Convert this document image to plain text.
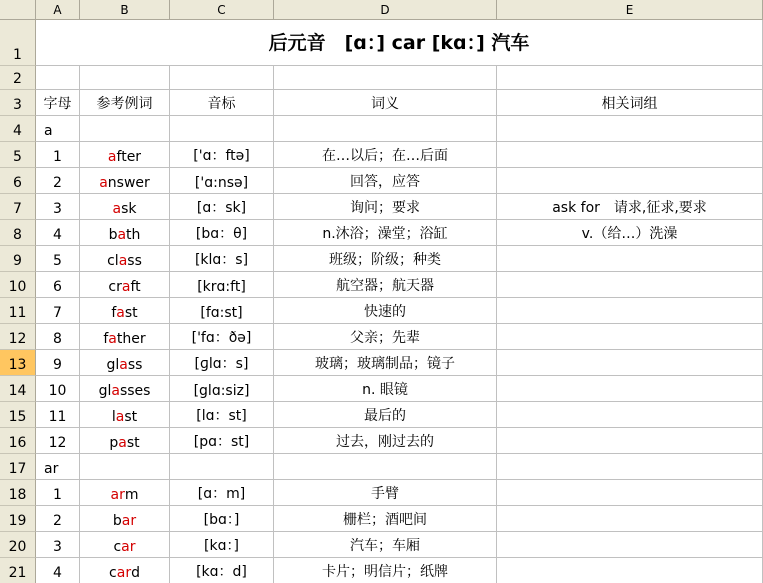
A	B	C	D	E
1
后元音　[ɑ：] car [kɑ：] 汽车
2
3 字母 参考例词	音标	词义	相关词组
4 a
5 1	a fter	['ɑ：ftə]	在…以后；在…后面
6 2	a nswer	['ɑ:nsə]	回答，应答
7 3	a sk	[ɑ：sk]	询问；要求	ask for　请求,征求,要求
8 4	b a th	[bɑ：θ]	n.沐浴；澡堂；浴缸	v.（给…）洗澡
9 5	cl a ss	[klɑ：s]	班级；阶级；种类
10 6	cr a ft	[krɑ:ft]	航空器；航天器
11 7	f a st	[fɑ:st]	快速的
12 8	f a ther	['fɑ：ðə]	父亲；先辈
13 9	gl a ss	[ɡlɑ：s]	玻璃；玻璃制品；镜子
14 10 gl a sses	[glɑ:siz]	n. 眼镜
15 11	l a st	[lɑ：st]	最后的
16 12	p a st	[pɑ：st]	过去，刚过去的
17 ar
18 1	ar m	[ɑ：m]	手臂
19 2	b ar	[bɑ：]	栅栏；酒吧间
20 3	c ar	[kɑ：]	汽车；车厢
21 4	c ar d	[kɑ：d]	卡片；明信片；纸牌
